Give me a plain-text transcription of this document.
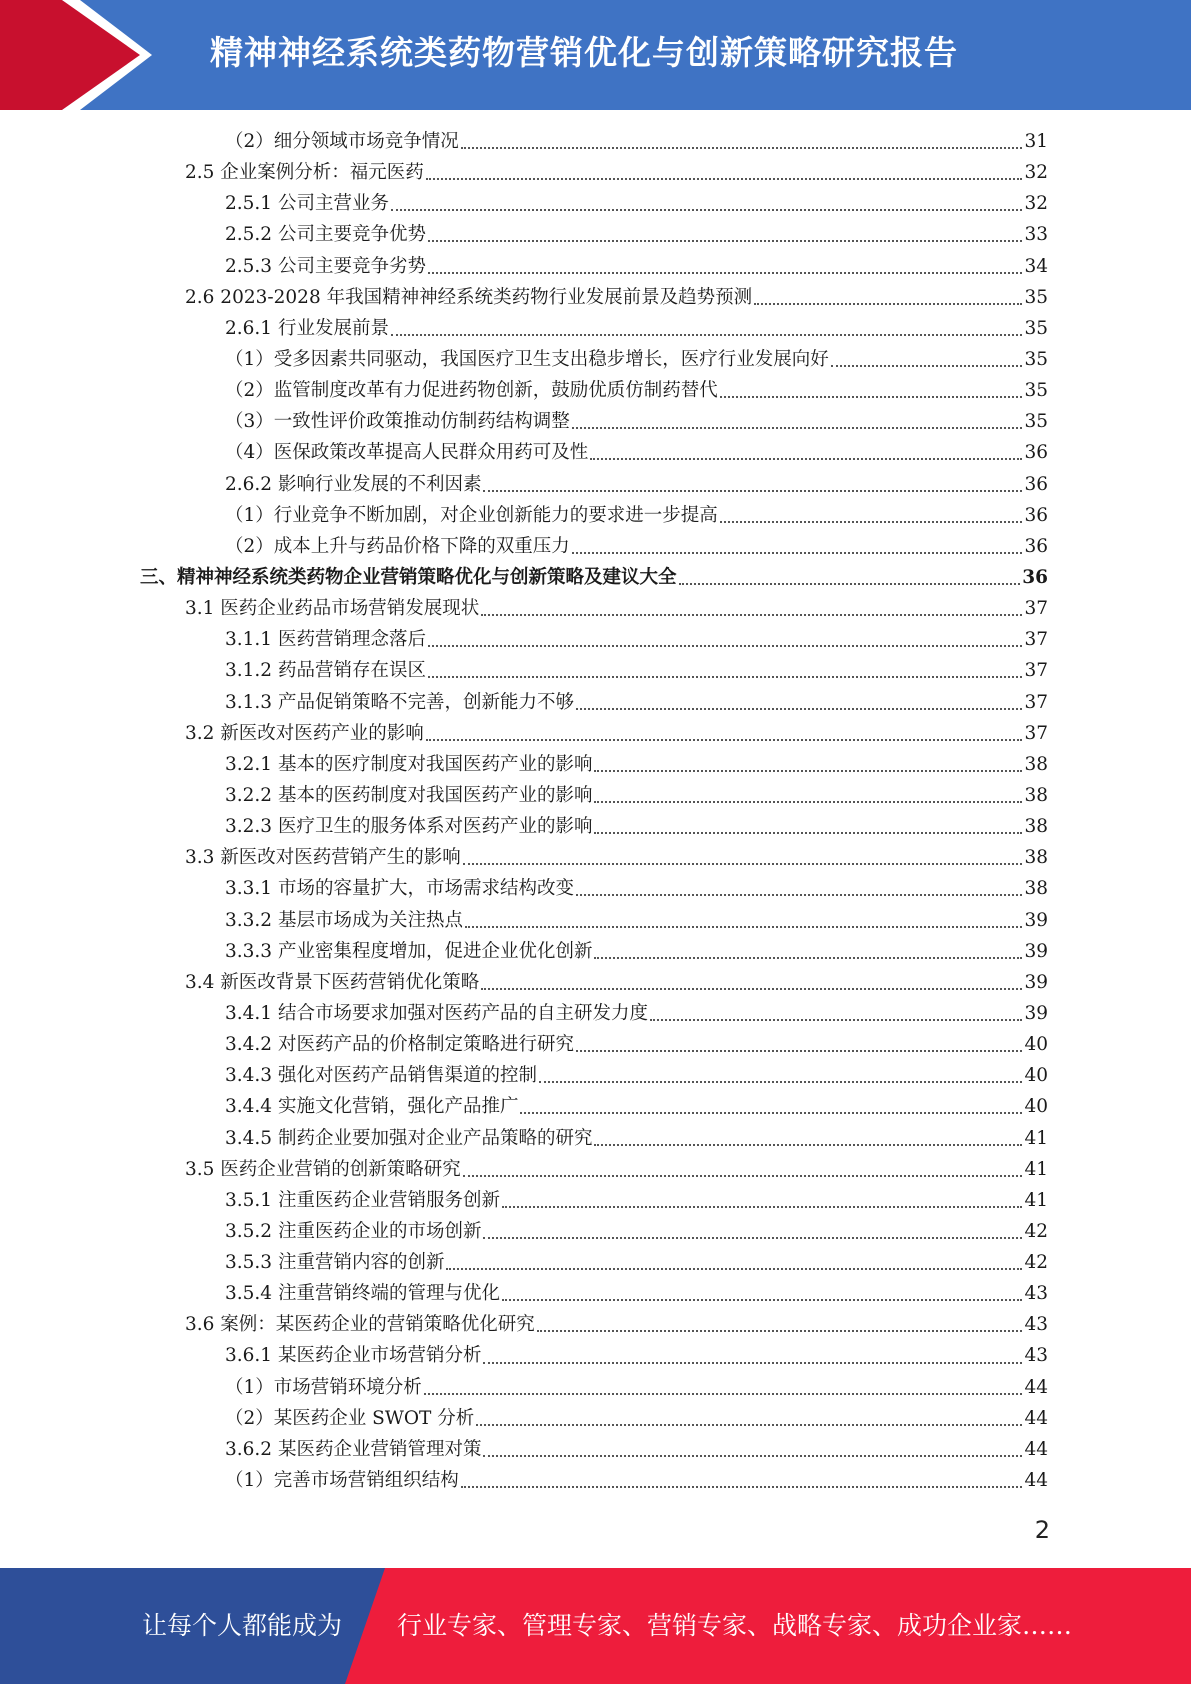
精神神经系统类药物营销优化与创新策略研究报告
（2）细分领域市场竞争情况	31
2.5 企业案例分析：福元医药	32
2.5.1 公司主营业务	32
2.5.2 公司主要竞争优势	33
2.5.3 公司主要竞争劣势	34
2.6 2023-2028 年我国精神神经系统类药物行业发展前景及趋势预测	35
2.6.1 行业发展前景	35
（1）受多因素共同驱动，我国医疗卫生支出稳步增长，医疗行业发展向好	35
（2）监管制度改革有力促进药物创新，鼓励优质仿制药替代	35
（3）一致性评价政策推动仿制药结构调整	35
（4）医保政策改革提高人民群众用药可及性	36
2.6.2 影响行业发展的不利因素	36
（1）行业竞争不断加剧，对企业创新能力的要求进一步提高	36
（2）成本上升与药品价格下降的双重压力	36
三、精神神经系统类药物企业营销策略优化与创新策略及建议大全	36
3.1 医药企业药品市场营销发展现状	37
3.1.1 医药营销理念落后	37
3.1.2 药品营销存在误区	37
3.1.3 产品促销策略不完善，创新能力不够	37
3.2 新医改对医药产业的影响	37
3.2.1 基本的医疗制度对我国医药产业的影响	38
3.2.2 基本的医药制度对我国医药产业的影响	38
3.2.3 医疗卫生的服务体系对医药产业的影响	38
3.3 新医改对医药营销产生的影响	38
3.3.1 市场的容量扩大，市场需求结构改变	38
3.3.2 基层市场成为关注热点	39
3.3.3 产业密集程度增加，促进企业优化创新	39
3.4 新医改背景下医药营销优化策略	39
3.4.1 结合市场要求加强对医药产品的自主研发力度	39
3.4.2 对医药产品的价格制定策略进行研究	40
3.4.3 强化对医药产品销售渠道的控制	40
3.4.4 实施文化营销，强化产品推广	40
3.4.5 制药企业要加强对企业产品策略的研究	41
3.5 医药企业营销的创新策略研究	41
3.5.1 注重医药企业营销服务创新	41
3.5.2 注重医药企业的市场创新	42
3.5.3 注重营销内容的创新	42
3.5.4 注重营销终端的管理与优化	43
3.6 案例：某医药企业的营销策略优化研究	43
3.6.1 某医药企业市场营销分析	43
（1）市场营销环境分析	44
（2）某医药企业 SWOT 分析	44
3.6.2 某医药企业营销管理对策	44
（1）完善市场营销组织结构	44
2
让每个人都能成为 行业专家、管理专家、营销专家、战略专家、成功企业家……
